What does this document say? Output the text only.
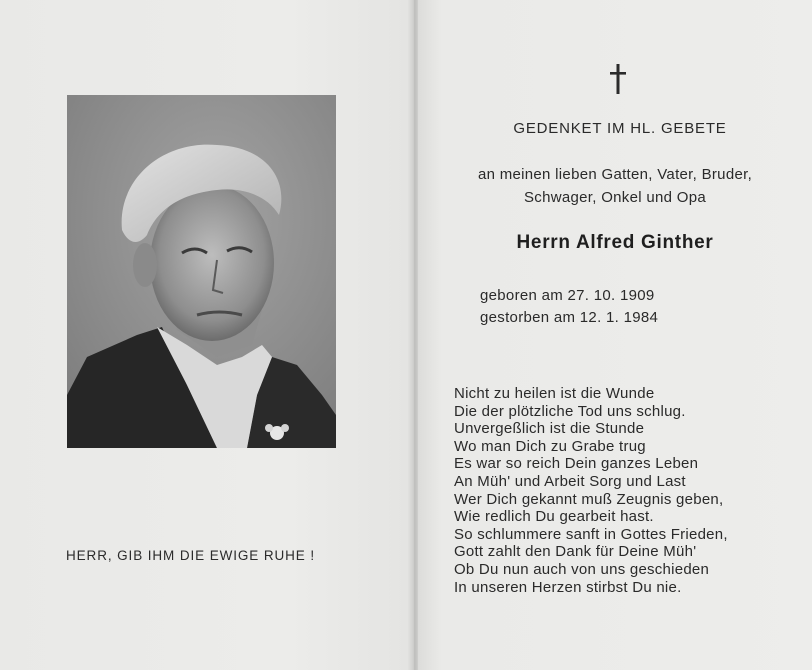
HERR, GIB IHM DIE EWIGE RUHE !
GEDENKET IM HL. GEBETE
an meinen lieben Gatten, Vater, Bruder,
Schwager, Onkel und Opa
Herrn Alfred Ginther
geboren am 27. 10. 1909
gestorben am 12. 1. 1984
Nicht zu heilen ist die Wunde
Die der plötzliche Tod uns schlug.
Unvergeßlich ist die Stunde
Wo man Dich zu Grabe trug
Es war so reich Dein ganzes Leben
An Müh' und Arbeit Sorg und Last
Wer Dich gekannt muß Zeugnis geben,
Wie redlich Du gearbeit hast.
So schlummere sanft in Gottes Frieden,
Gott zahlt den Dank für Deine Müh'
Ob Du nun auch von uns geschieden
In unseren Herzen stirbst Du nie.
